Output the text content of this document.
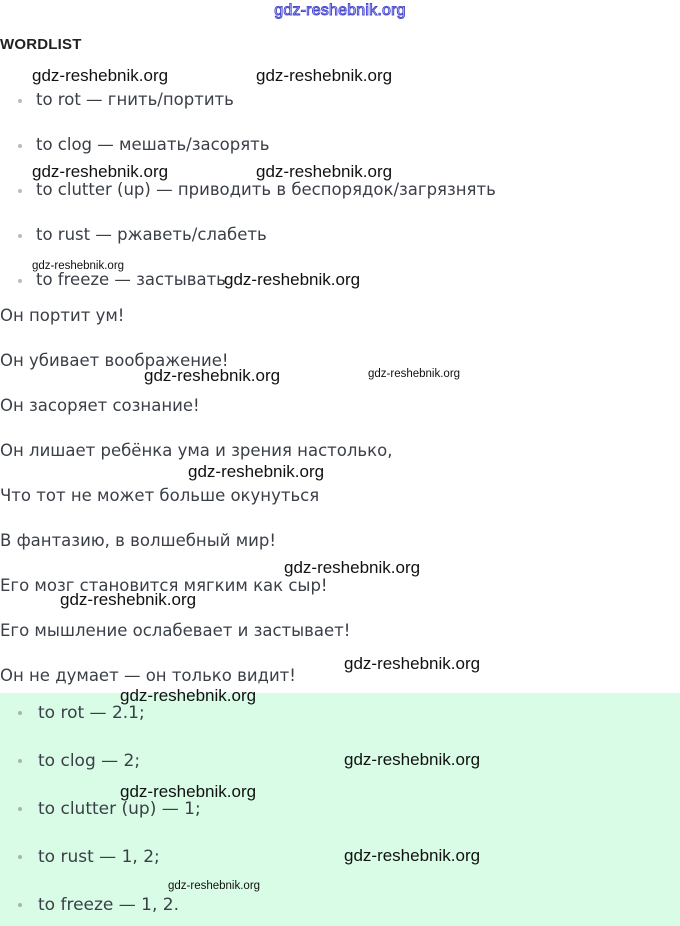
gdz-reshebnik.org
WORDLIST
to rot — гнить/портить
to clog — мешать/засорять
to clutter (up) — приводить в беспорядок/загрязнять
to rust — ржаветь/слабеть
to freeze — застывать

Он портит ум!

Он убивает воображение!

Он засоряет сознание!

Он лишает ребёнка ума и зрения настолько,

Что тот не может больше окунуться

В фантазию, в волшебный мир!

Его мозг становится мягким как сыр!

Его мышление ослабевает и застывает!

Он не думает — он только видит!

to rot — 2.1;
to clog — 2;
to clutter (up) — 1;
to rust — 1, 2;
to freeze — 1, 2.
gdz-reshebnik.org	gdz-reshebnik.org
gdz-reshebnik.org	gdz-reshebnik.org
gdz-reshebnik.org
gdz-reshebnik.org
gdz-reshebnik.org	gdz-reshebnik.org
gdz-reshebnik.org
gdz-reshebnik.org
gdz-reshebnik.org
gdz-reshebnik.org
gdz-reshebnik.org
gdz-reshebnik.org
gdz-reshebnik.org
gdz-reshebnik.org
gdz-reshebnik.org
